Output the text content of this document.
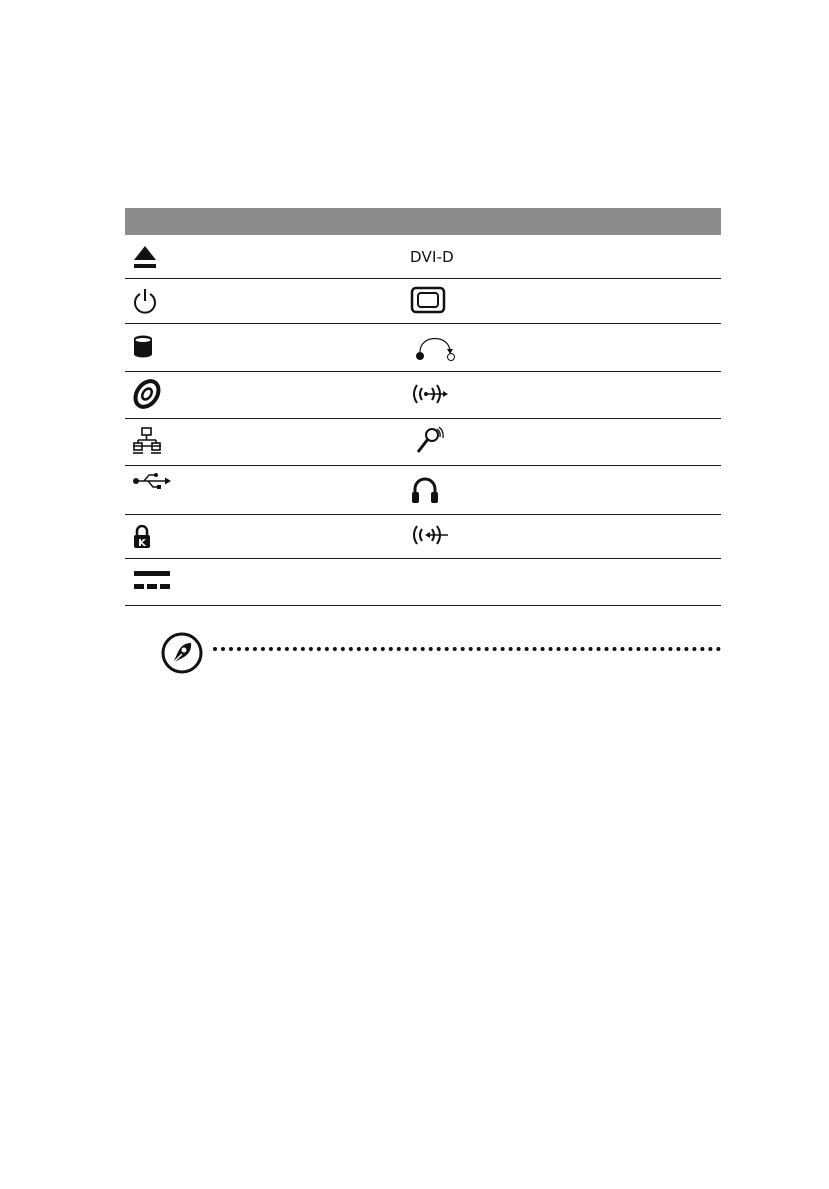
DVI-D
K
